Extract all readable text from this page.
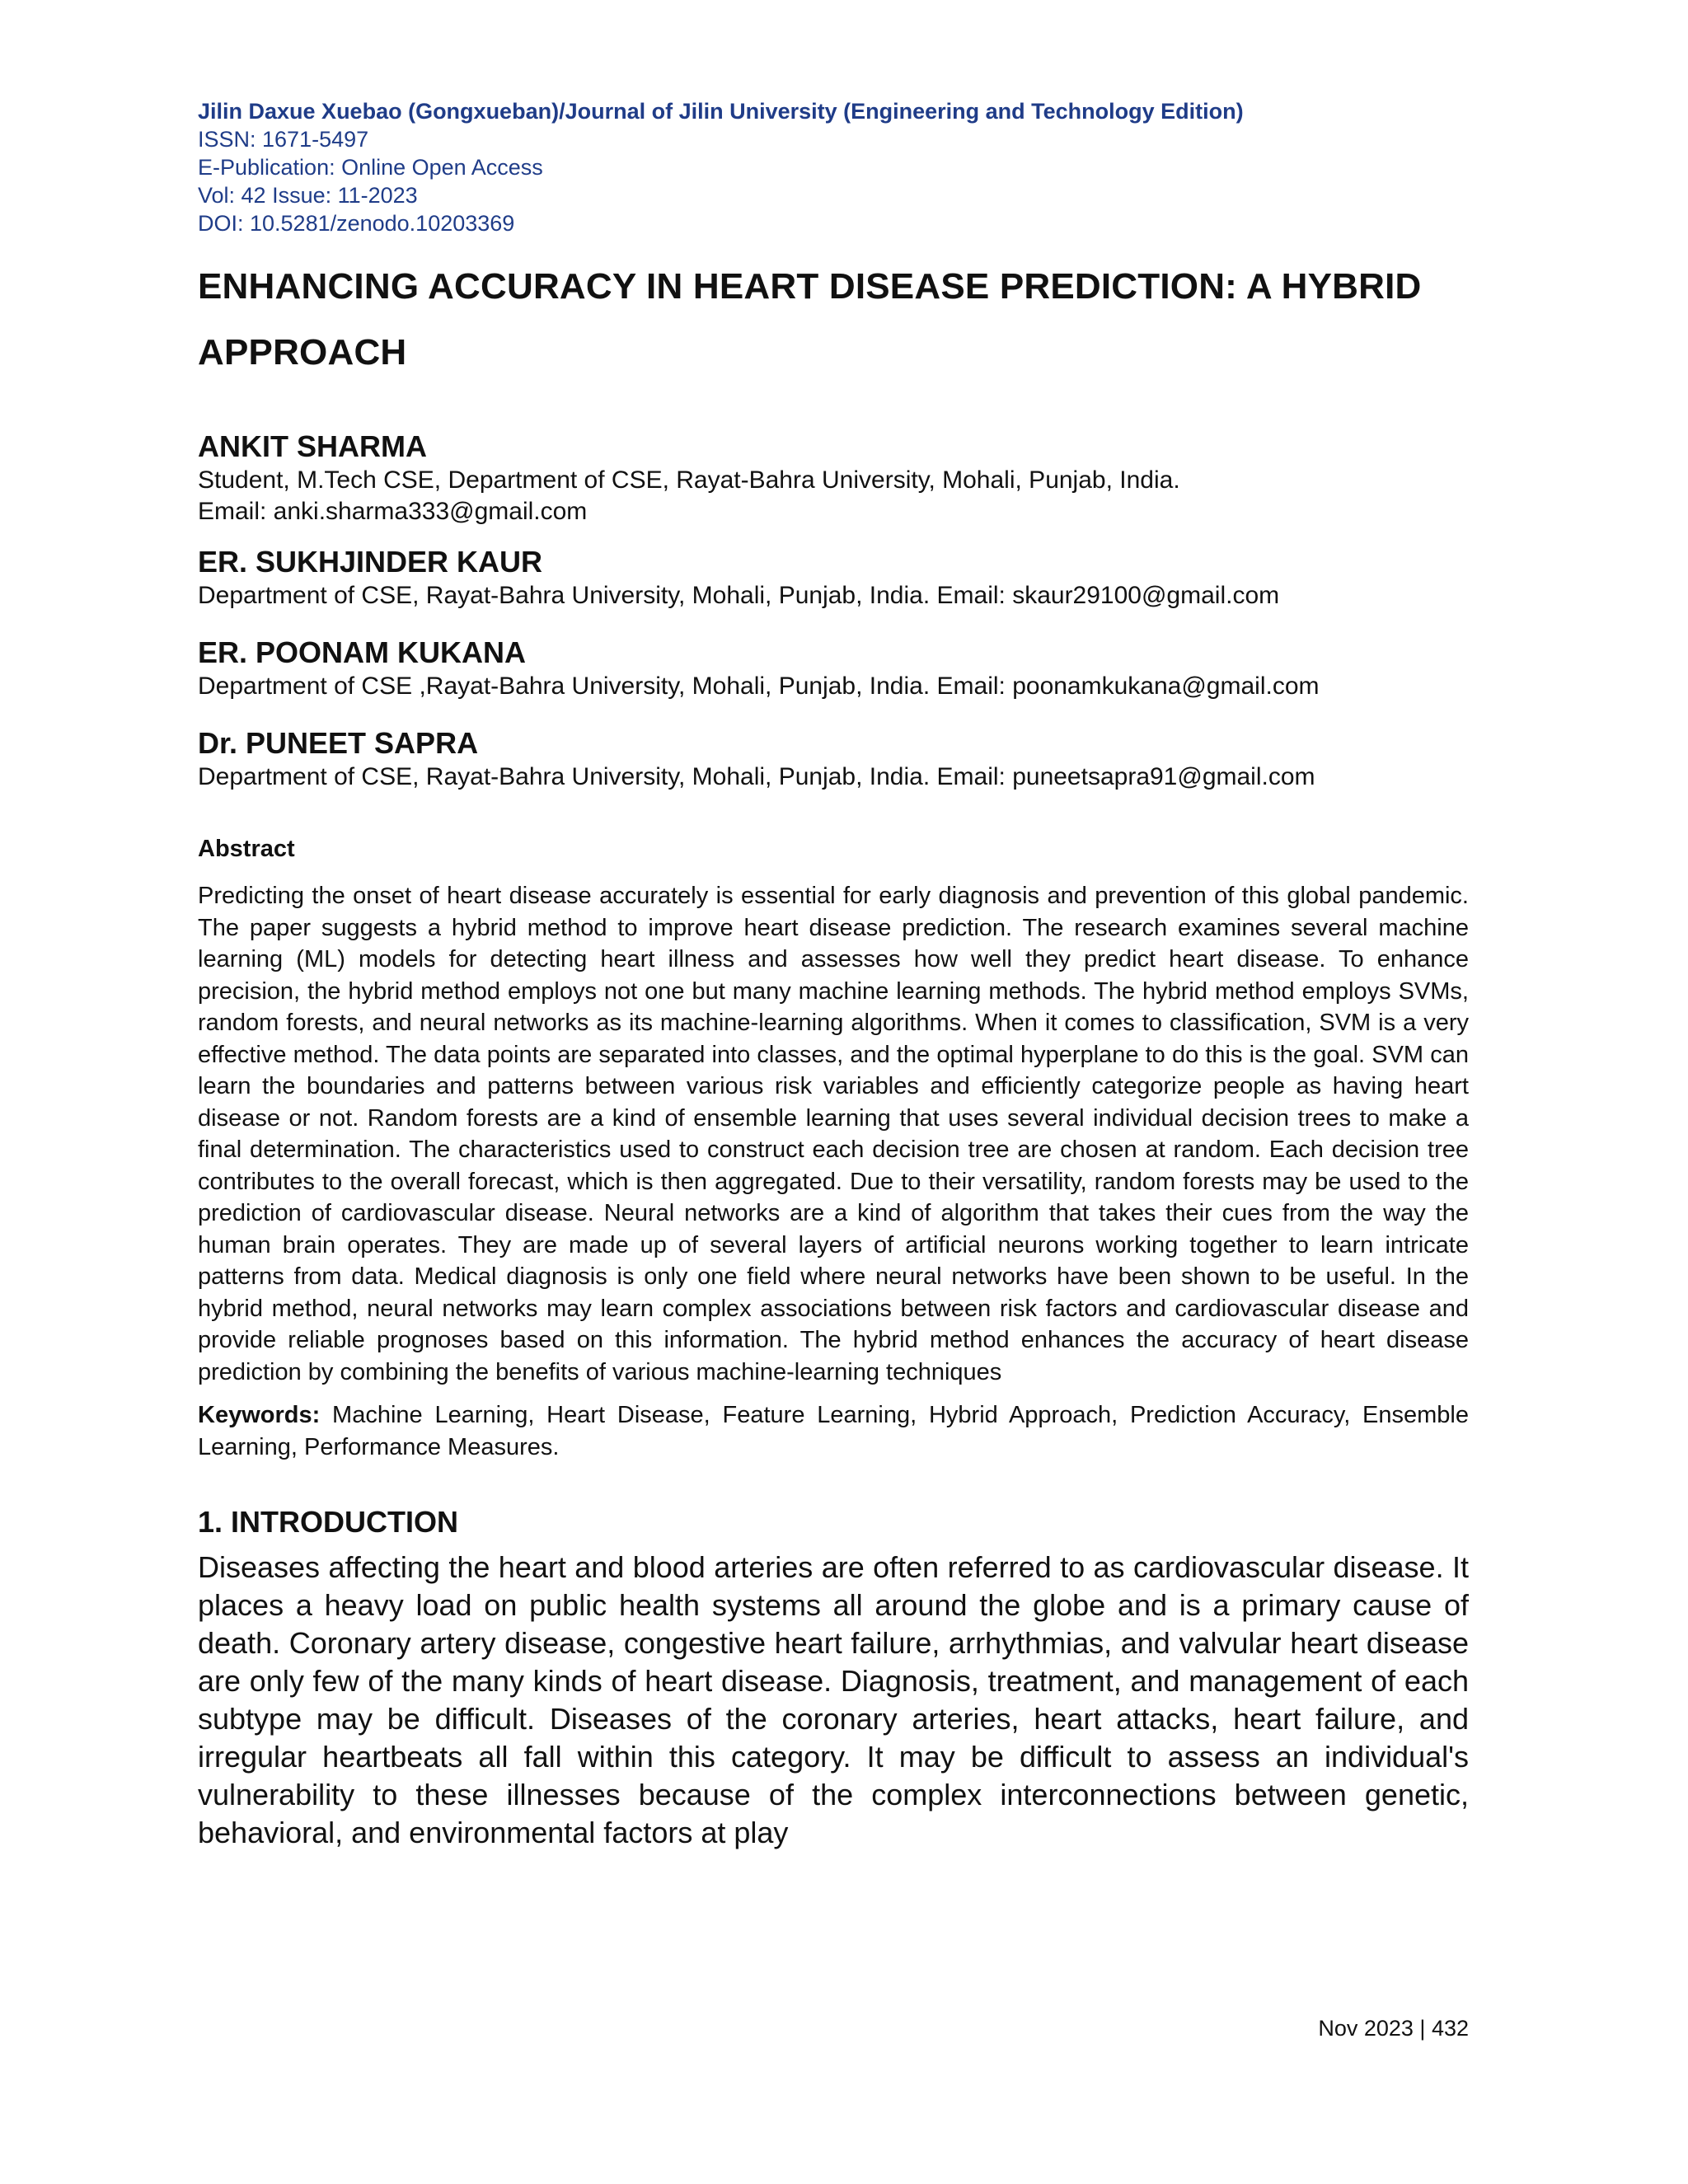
Jilin Daxue Xuebao (Gongxueban)/Journal of Jilin University (Engineering and Technology Edition)
ISSN: 1671-5497
E-Publication: Online Open Access
Vol: 42 Issue: 11-2023
DOI: 10.5281/zenodo.10203369
ENHANCING ACCURACY IN HEART DISEASE PREDICTION: A HYBRID
APPROACH
ANKIT SHARMA
Student, M.Tech CSE, Department of CSE, Rayat-Bahra University, Mohali, Punjab, India.
Email: anki.sharma333@gmail.com
ER. SUKHJINDER KAUR
Department of CSE, Rayat-Bahra University, Mohali, Punjab, India. Email: skaur29100@gmail.com
ER. POONAM KUKANA
Department of CSE ,Rayat-Bahra University, Mohali, Punjab, India. Email: poonamkukana@gmail.com
Dr. PUNEET SAPRA
Department of CSE, Rayat-Bahra University, Mohali, Punjab, India. Email: puneetsapra91@gmail.com
Abstract

Predicting the onset of heart disease accurately is essential for early diagnosis and prevention of this global pandemic. The paper suggests a hybrid method to improve heart disease prediction. The research examines several machine learning (ML) models for detecting heart illness and assesses how well they predict heart disease. To enhance precision, the hybrid method employs not one but many machine learning methods. The hybrid method employs SVMs, random forests, and neural networks as its machine-learning algorithms. When it comes to classification, SVM is a very effective method. The data points are separated into classes, and the optimal hyperplane to do this is the goal. SVM can learn the boundaries and patterns between various risk variables and efficiently categorize people as having heart disease or not. Random forests are a kind of ensemble learning that uses several individual decision trees to make a final determination. The characteristics used to construct each decision tree are chosen at random. Each decision tree contributes to the overall forecast, which is then aggregated. Due to their versatility, random forests may be used to the prediction of cardiovascular disease. Neural networks are a kind of algorithm that takes their cues from the way the human brain operates. They are made up of several layers of artificial neurons working together to learn intricate patterns from data. Medical diagnosis is only one field where neural networks have been shown to be useful. In the hybrid method, neural networks may learn complex associations between risk factors and cardiovascular disease and provide reliable prognoses based on this information. The hybrid method enhances the accuracy of heart disease prediction by combining the benefits of various machine-learning techniques

Keywords: Machine Learning, Heart Disease, Feature Learning, Hybrid Approach, Prediction Accuracy, Ensemble Learning, Performance Measures.

1. INTRODUCTION

Diseases affecting the heart and blood arteries are often referred to as cardiovascular disease. It places a heavy load on public health systems all around the globe and is a primary cause of death. Coronary artery disease, congestive heart failure, arrhythmias, and valvular heart disease are only few of the many kinds of heart disease. Diagnosis, treatment, and management of each subtype may be difficult. Diseases of the coronary arteries, heart attacks, heart failure, and irregular heartbeats all fall within this category. It may be difficult to assess an individual's vulnerability to these illnesses because of the complex interconnections between genetic, behavioral, and environmental factors at play

Nov 2023 | 432
